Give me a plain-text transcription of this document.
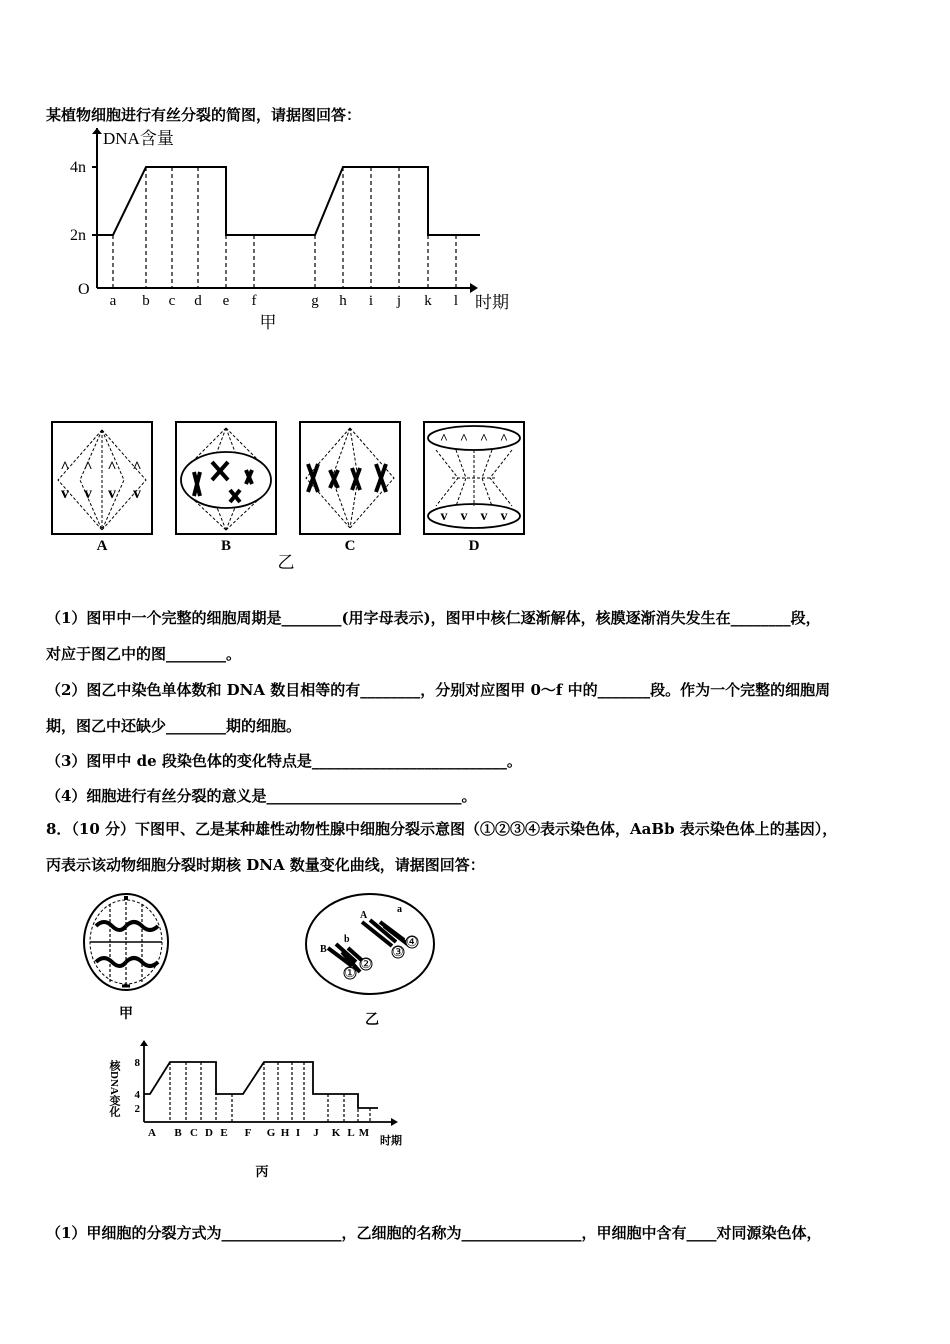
某植物细胞进行有丝分裂的简图，请据图回答：
DNA含量
4n
2n
O
a b c d e f	g h i j k l 时期
甲
^ ^ ^ ^
v v v v
A	B	C
^ ^ ^ ^
v v v v
D
乙
（1）图甲中一个完整的细胞周期是________(用字母表示)，图甲中核仁逐渐解体，核膜逐渐消失发生在________段，
对应于图乙中的图________。
（2）图乙中染色单体数和 DNA 数目相等的有________，分别对应图甲 0～f 中的_______段。作为一个完整的细胞周
期，图乙中还缺少________期的细胞。
（3）图甲中 de 段染色体的变化特点是__________________________。
（4）细胞进行有丝分裂的意义是__________________________。
8．（10 分）下图甲、乙是某种雄性动物性腺中细胞分裂示意图（①②③④表示染色体，AaBb 表示染色体上的基因），
丙表示该动物细胞分裂时期核 DNA 数量变化曲线，请据图回答：
甲
A
a
B
b
①
②
③
④
乙
核DNA变化 8
4
2
A B C D E F G H I J K L M
时期
丙
（1）甲细胞的分裂方式为________________，乙细胞的名称为________________，甲细胞中含有____对同源染色体，
